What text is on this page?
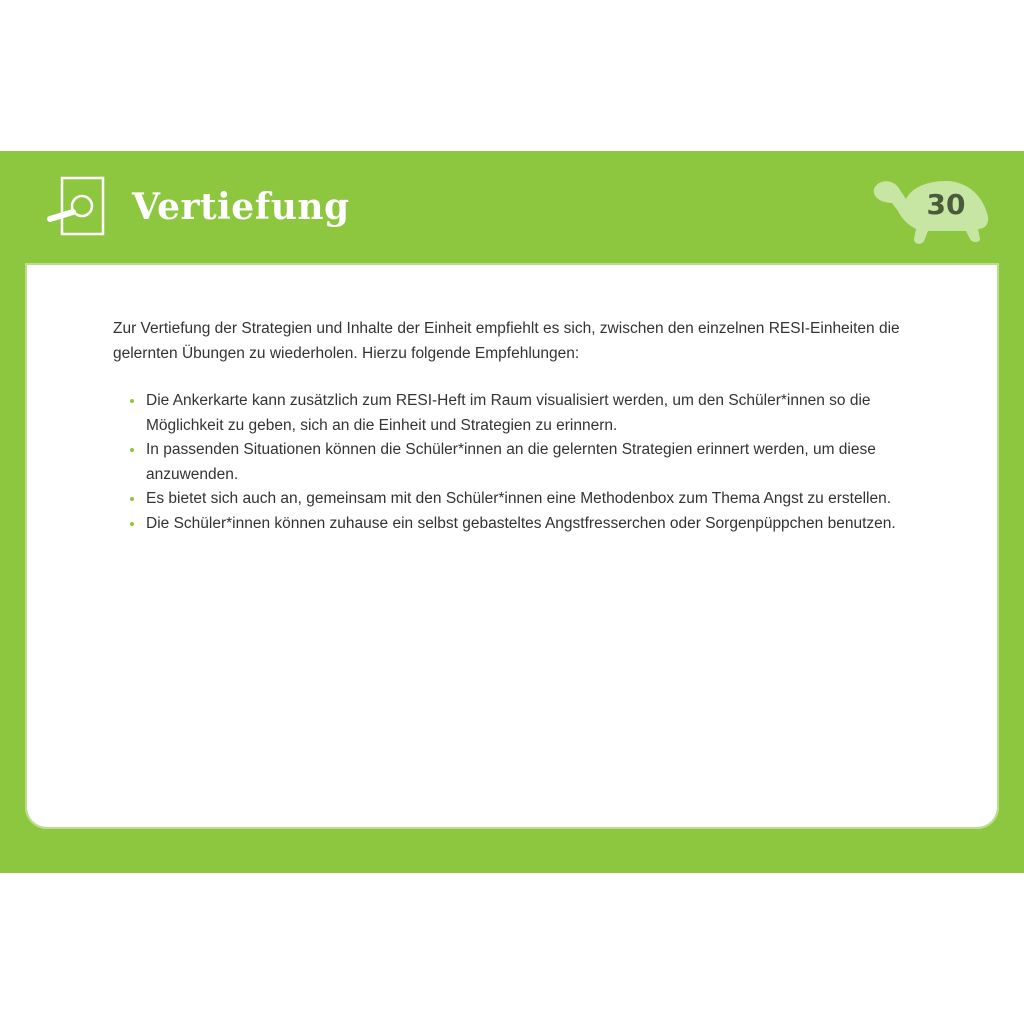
Vertiefung	30

Zur Vertiefung der Strategien und Inhalte der Einheit empfiehlt es sich, zwischen den einzelnen RESI-Einheiten die gelernten Übungen zu wiederholen. Hierzu folgende Empfehlungen:

Die Ankerkarte kann zusätzlich zum RESI-Heft im Raum visualisiert werden, um den Schüler*innen so die Möglichkeit zu geben, sich an die Einheit und Strategien zu erinnern.
In passenden Situationen können die Schüler*innen an die gelernten Strategien erinnert werden, um diese anzuwenden.
Es bietet sich auch an, gemeinsam mit den Schüler*innen eine Methodenbox zum Thema Angst zu erstellen.
Die Schüler*innen können zuhause ein selbst gebasteltes Angstfresserchen oder Sorgenpüppchen benutzen.
